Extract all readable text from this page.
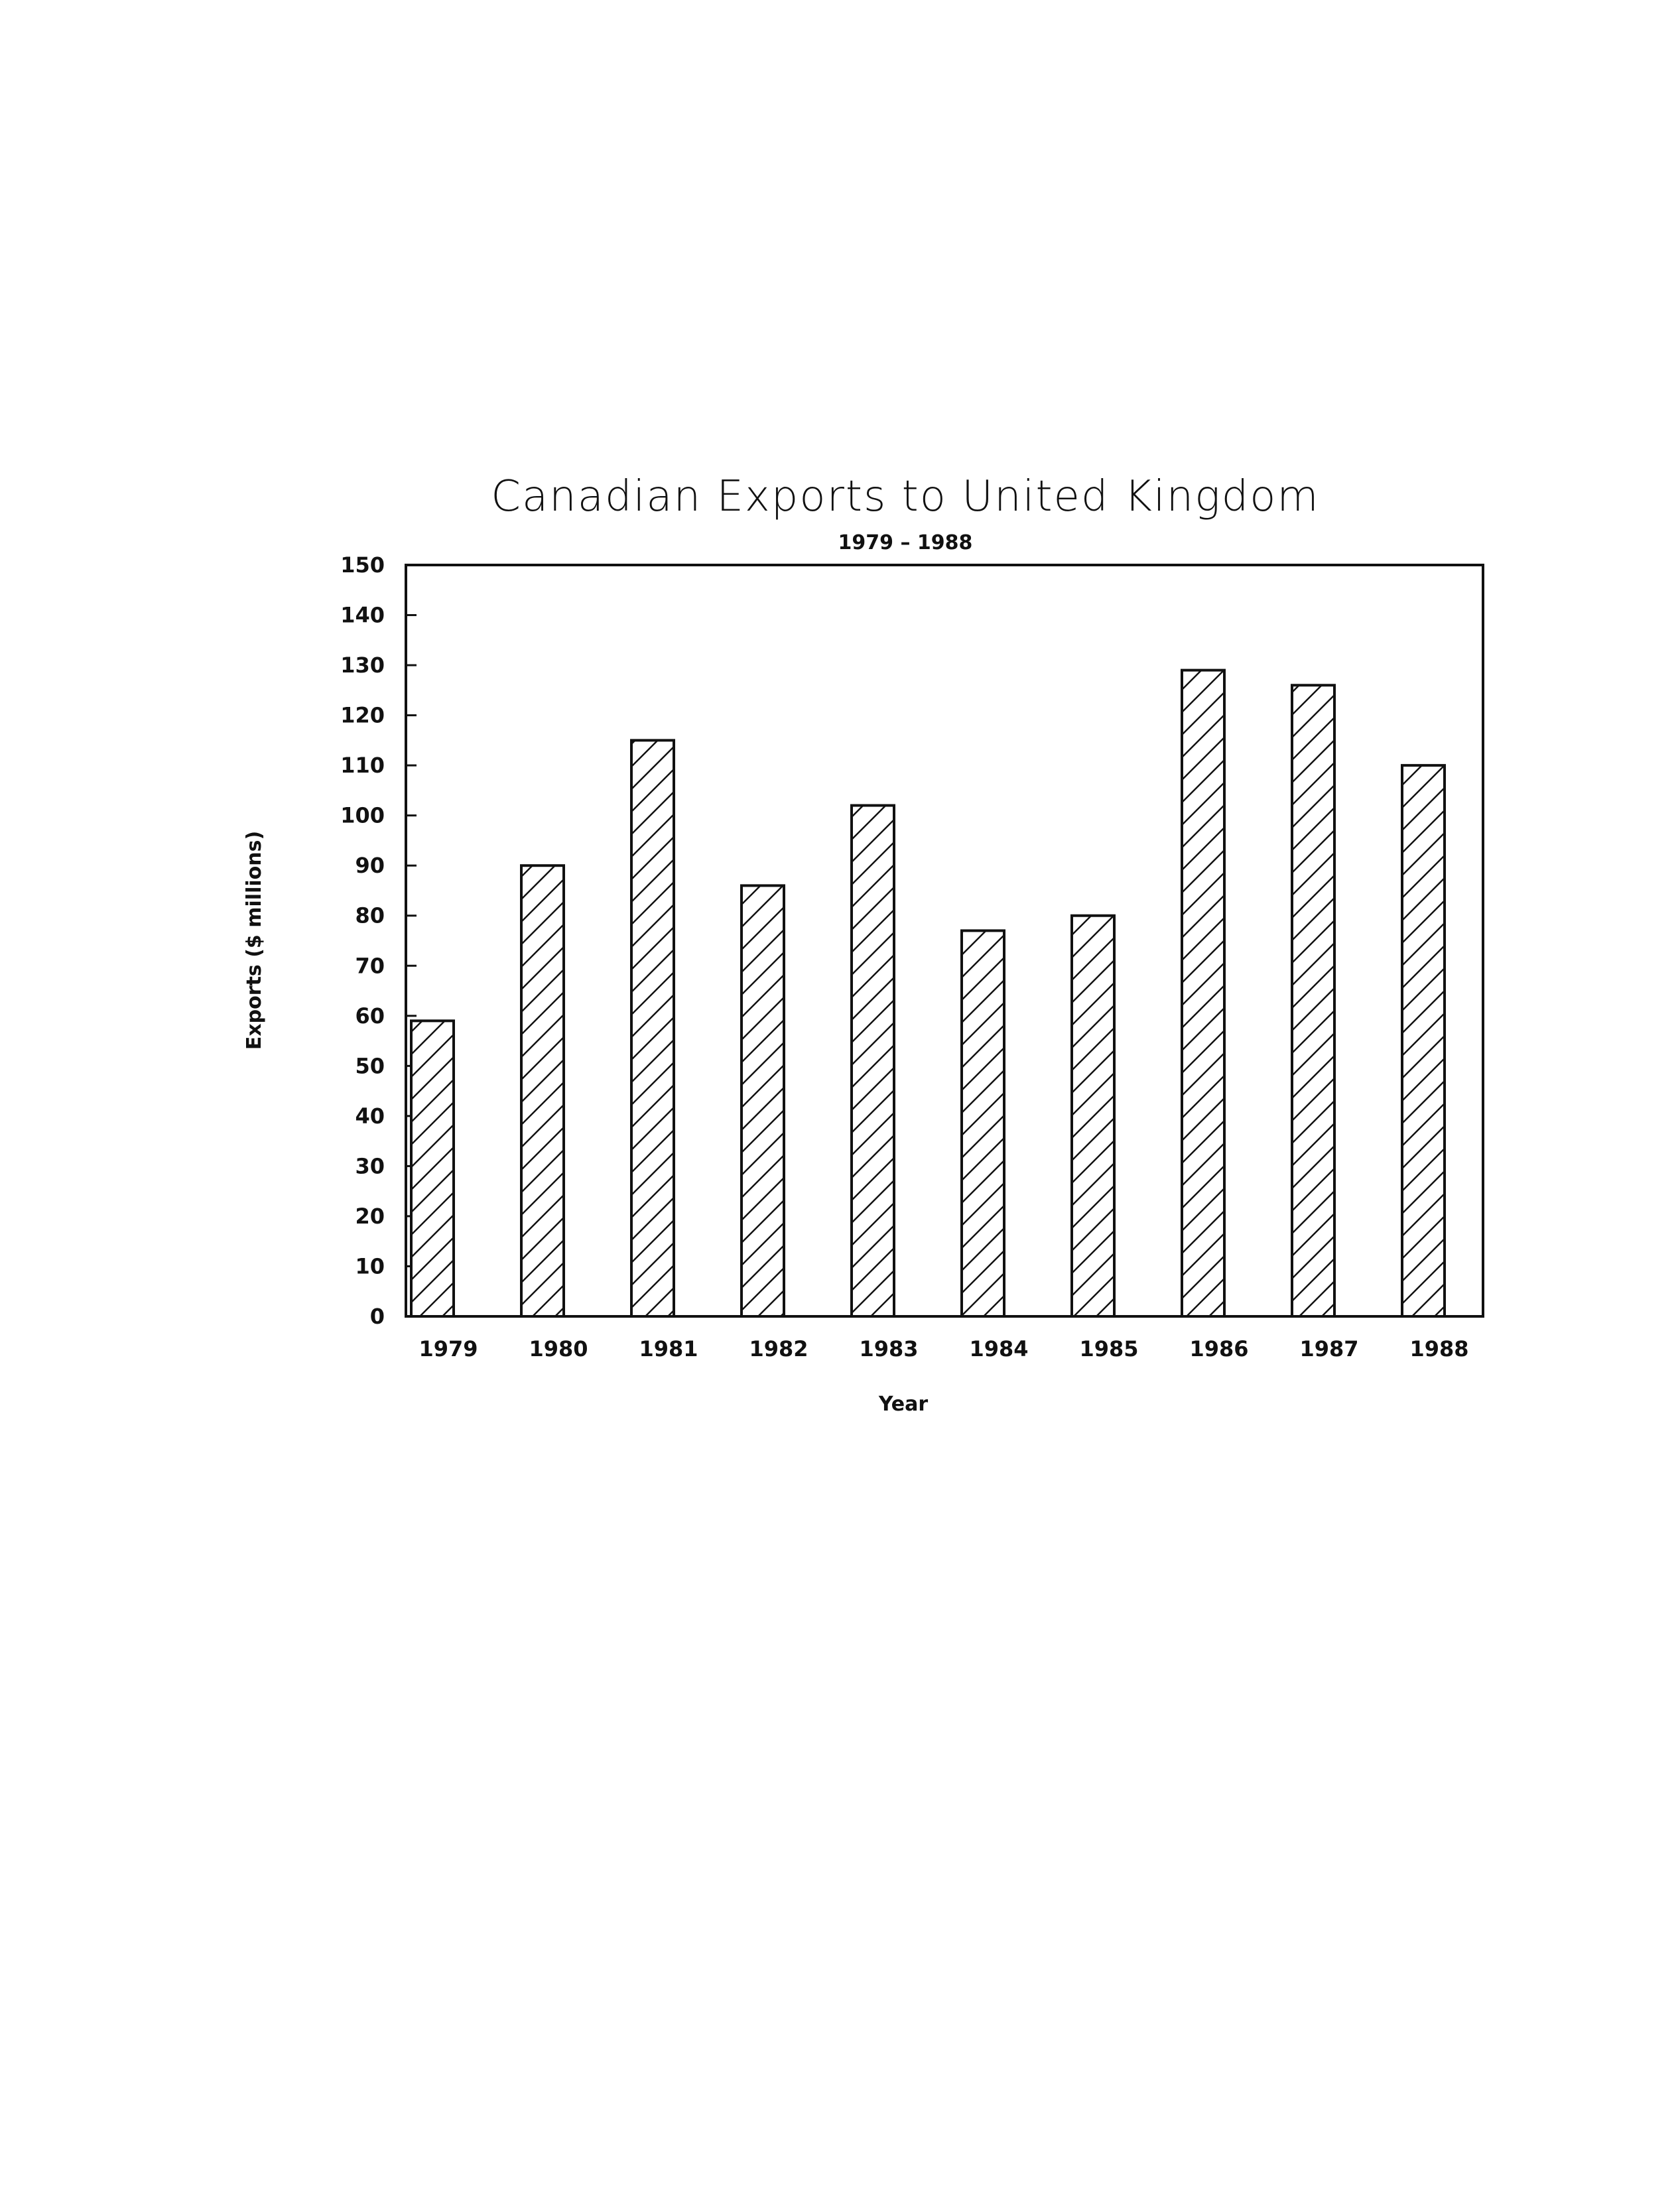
Canadian Exports to United Kingdom
1979 – 1988
0
10
20
30
40
50
60
70
80
90
100
110
120
130
140
150
1979 1980 1981 1982 1983 1984 1985 1986 1987 1988
Year
Exports ($ millions)
